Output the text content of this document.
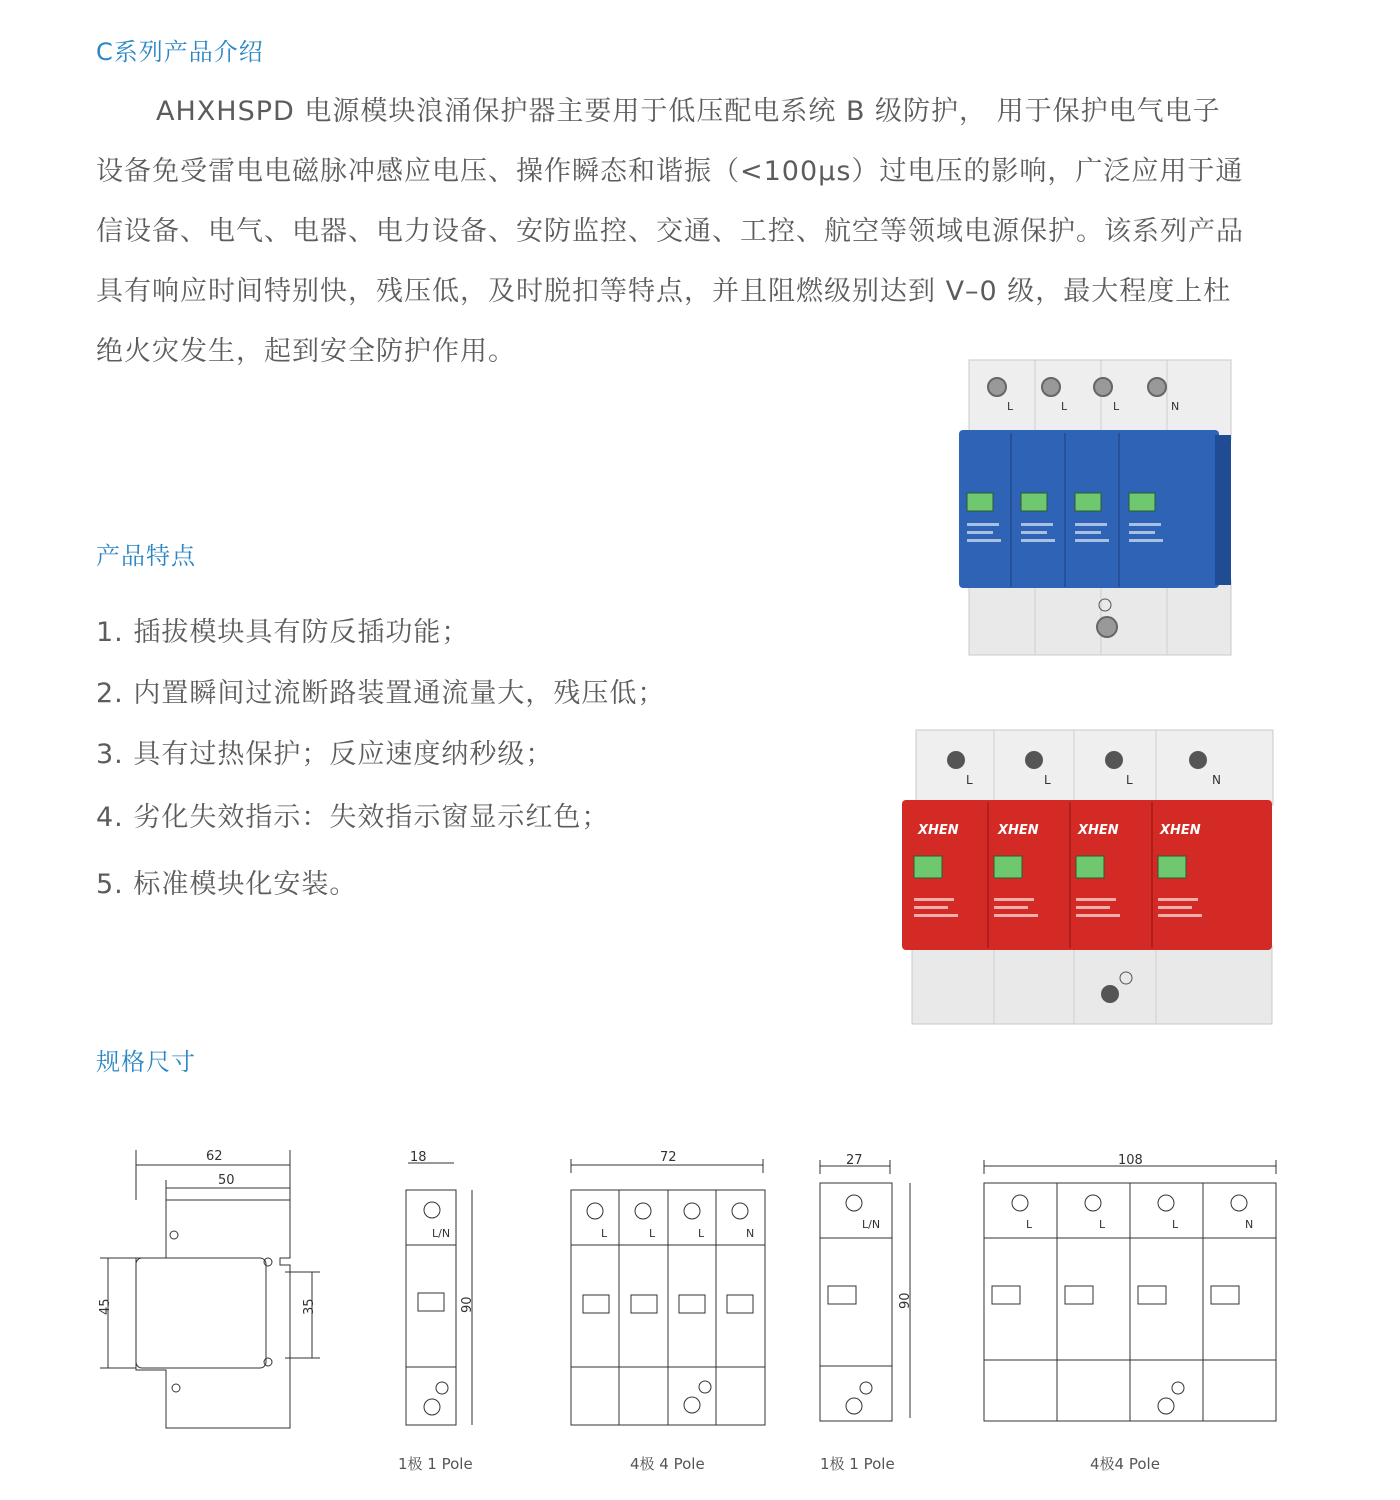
C系列产品介绍

AHXHSPD 电源模块浪涌保护器主要用于低压配电系统 B 级防护， 用于保护电气电子设备免受雷电电磁脉冲感应电压、操作瞬态和谐振（<100μs）过电压的影响，广泛应用于通信设备、电气、电器、电力设备、安防监控、交通、工控、航空等领域电源保护。该系列产品具有响应时间特别快，残压低，及时脱扣等特点，并且阻燃级别达到 V–0 级，最大程度上杜绝火灾发生，起到安全防护作用。

产品特点
1. 插拔模块具有防反插功能；
2. 内置瞬间过流断路装置通流量大，残压低；
3. 具有过热保护；反应速度纳秒级；
4. 劣化失效指示：失效指示窗显示红色；
5. 标准模块化安装。
规格尺寸
L	L	L	N
L	L	L	N
XHEN	XHEN	XHEN	XHEN
62
50
45	35
18
L/N
90
1极 1 Pole
72
L	L	L	N
4极 4 Pole
27
L/N
90
1极 1 Pole
108
L	L	L	N
4极4 Pole
